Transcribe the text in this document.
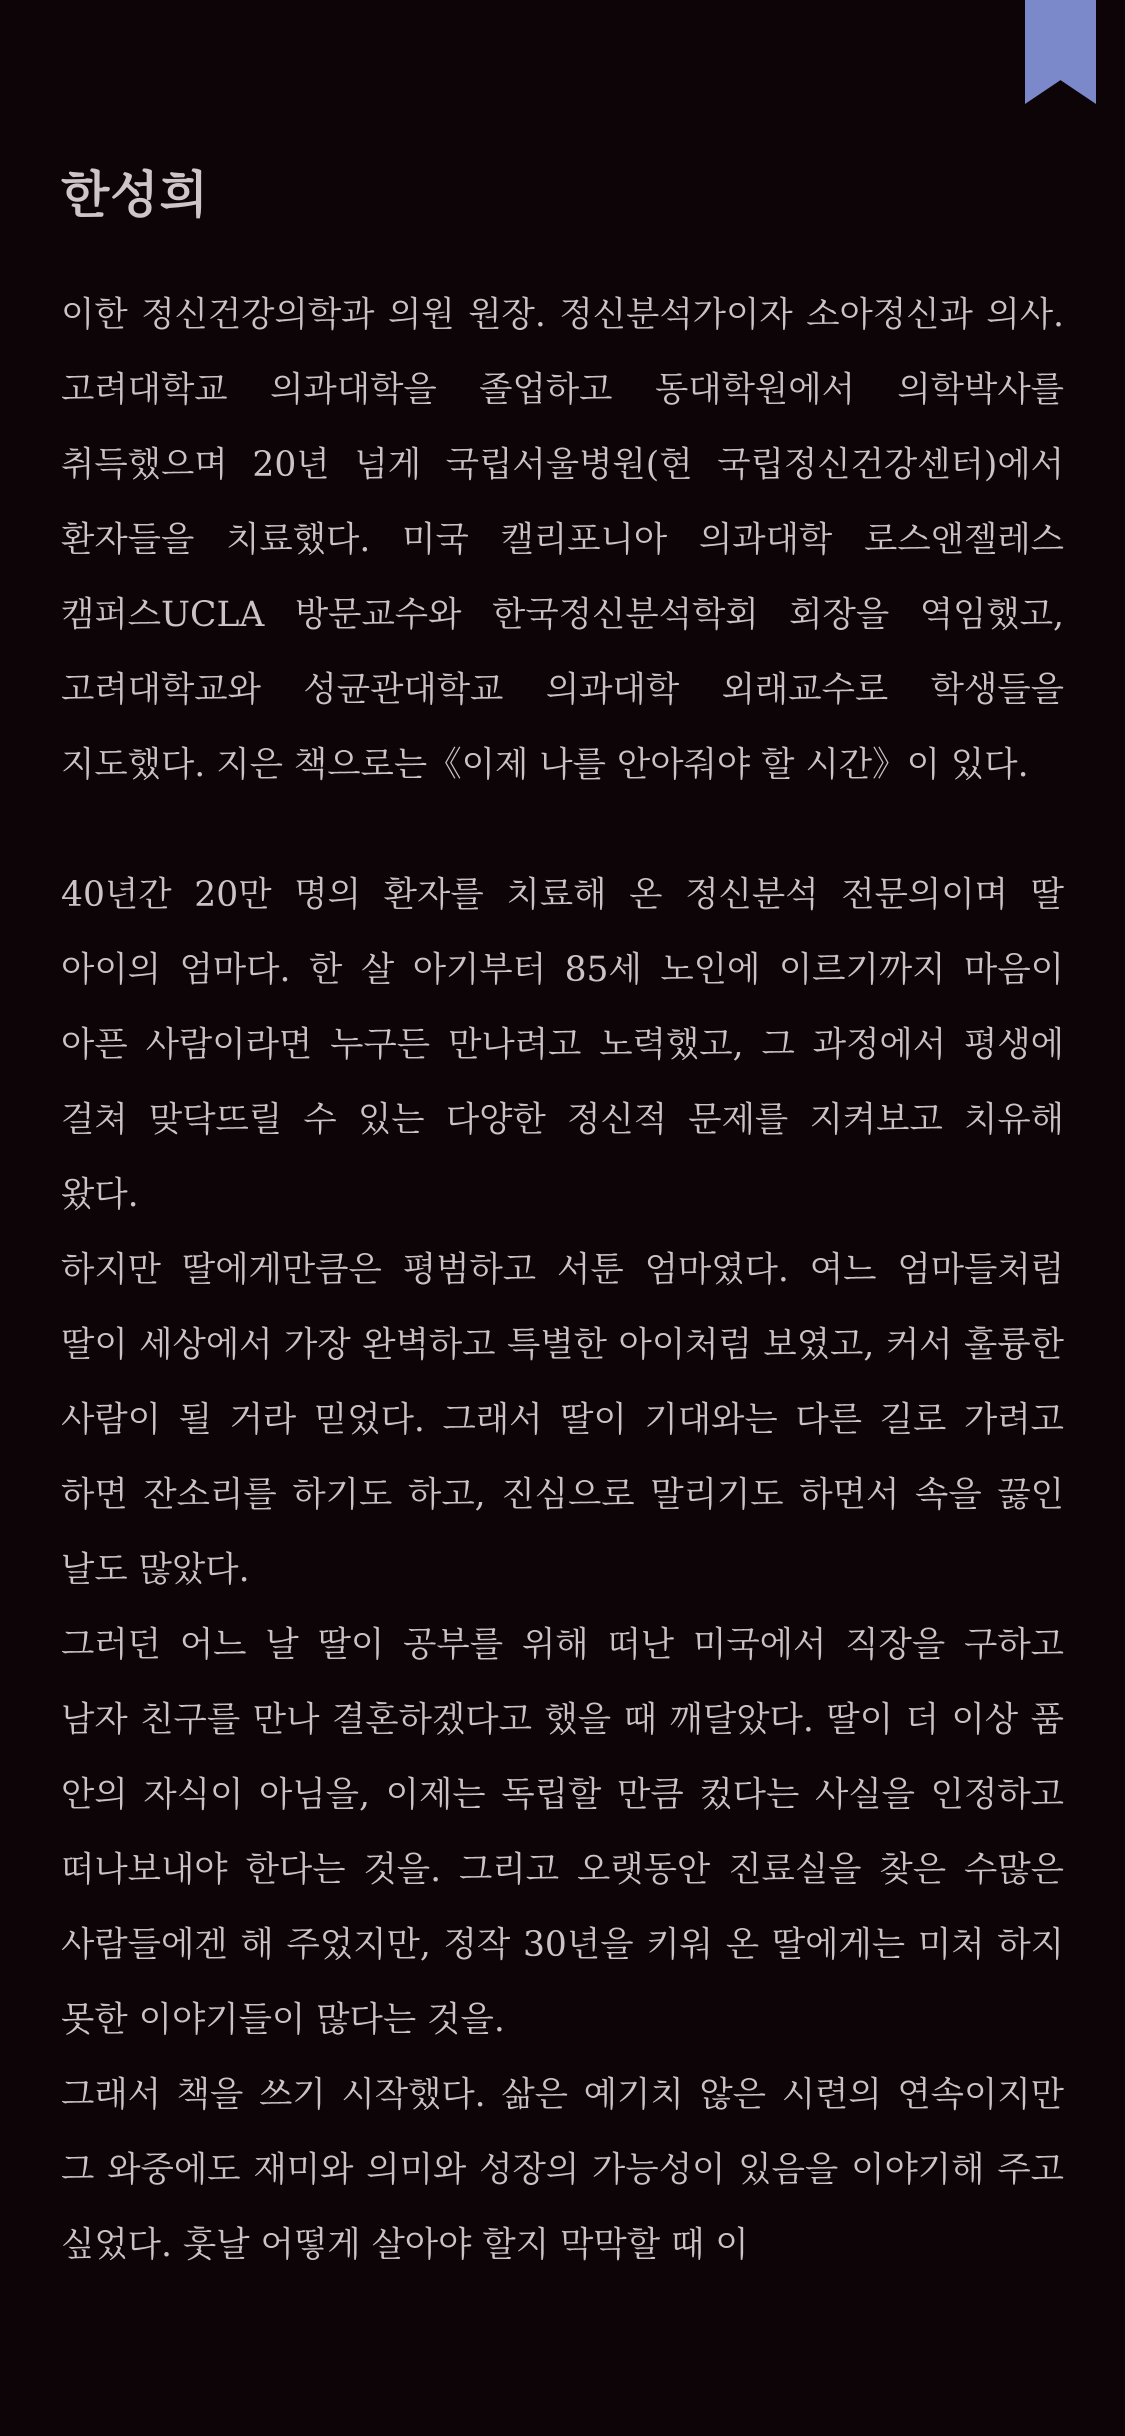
한성희

이한 정신건강의학과 의원 원장. 정신분석가이자 소아정신과 의사. 고려대학교 의과대학을 졸업하고 동대학원에서 의학박사를 취득했으며 20년 넘게 국립서울병원(현 국립정신건강센터)에서 환자들을 치료했다. 미국 캘리포니아 의과대학 로스앤젤레스 캠퍼스UCLA 방문교수와 한국정신분석학회 회장을 역임했고, 고려대학교와 성균관대학교 의과대학 외래교수로 학생들을 지도했다. 지은 책으로는《이제 나를 안아줘야 할 시간》이 있다.

40년간 20만 명의 환자를 치료해 온 정신분석 전문의이며 딸 아이의 엄마다. 한 살 아기부터 85세 노인에 이르기까지 마음이 아픈 사람이라면 누구든 만나려고 노력했고, 그 과정에서 평생에 걸쳐 맞닥뜨릴 수 있는 다양한 정신적 문제를 지켜보고 치유해 왔다.

하지만 딸에게만큼은 평범하고 서툰 엄마였다. 여느 엄마들처럼 딸이 세상에서 가장 완벽하고 특별한 아이처럼 보였고, 커서 훌륭한 사람이 될 거라 믿었다. 그래서 딸이 기대와는 다른 길로 가려고 하면 잔소리를 하기도 하고, 진심으로 말리기도 하면서 속을 끓인 날도 많았다.

그러던 어느 날 딸이 공부를 위해 떠난 미국에서 직장을 구하고 남자 친구를 만나 결혼하겠다고 했을 때 깨달았다. 딸이 더 이상 품 안의 자식이 아님을, 이제는 독립할 만큼 컸다는 사실을 인정하고 떠나보내야 한다는 것을. 그리고 오랫동안 진료실을 찾은 수많은 사람들에겐 해 주었지만, 정작 30년을 키워 온 딸에게는 미처 하지 못한 이야기들이 많다는 것을.

그래서 책을 쓰기 시작했다. 삶은 예기치 않은 시련의 연속이지만 그 와중에도 재미와 의미와 성장의 가능성이 있음을 이야기해 주고 싶었다. 훗날 어떻게 살아야 할지 막막할 때 이
